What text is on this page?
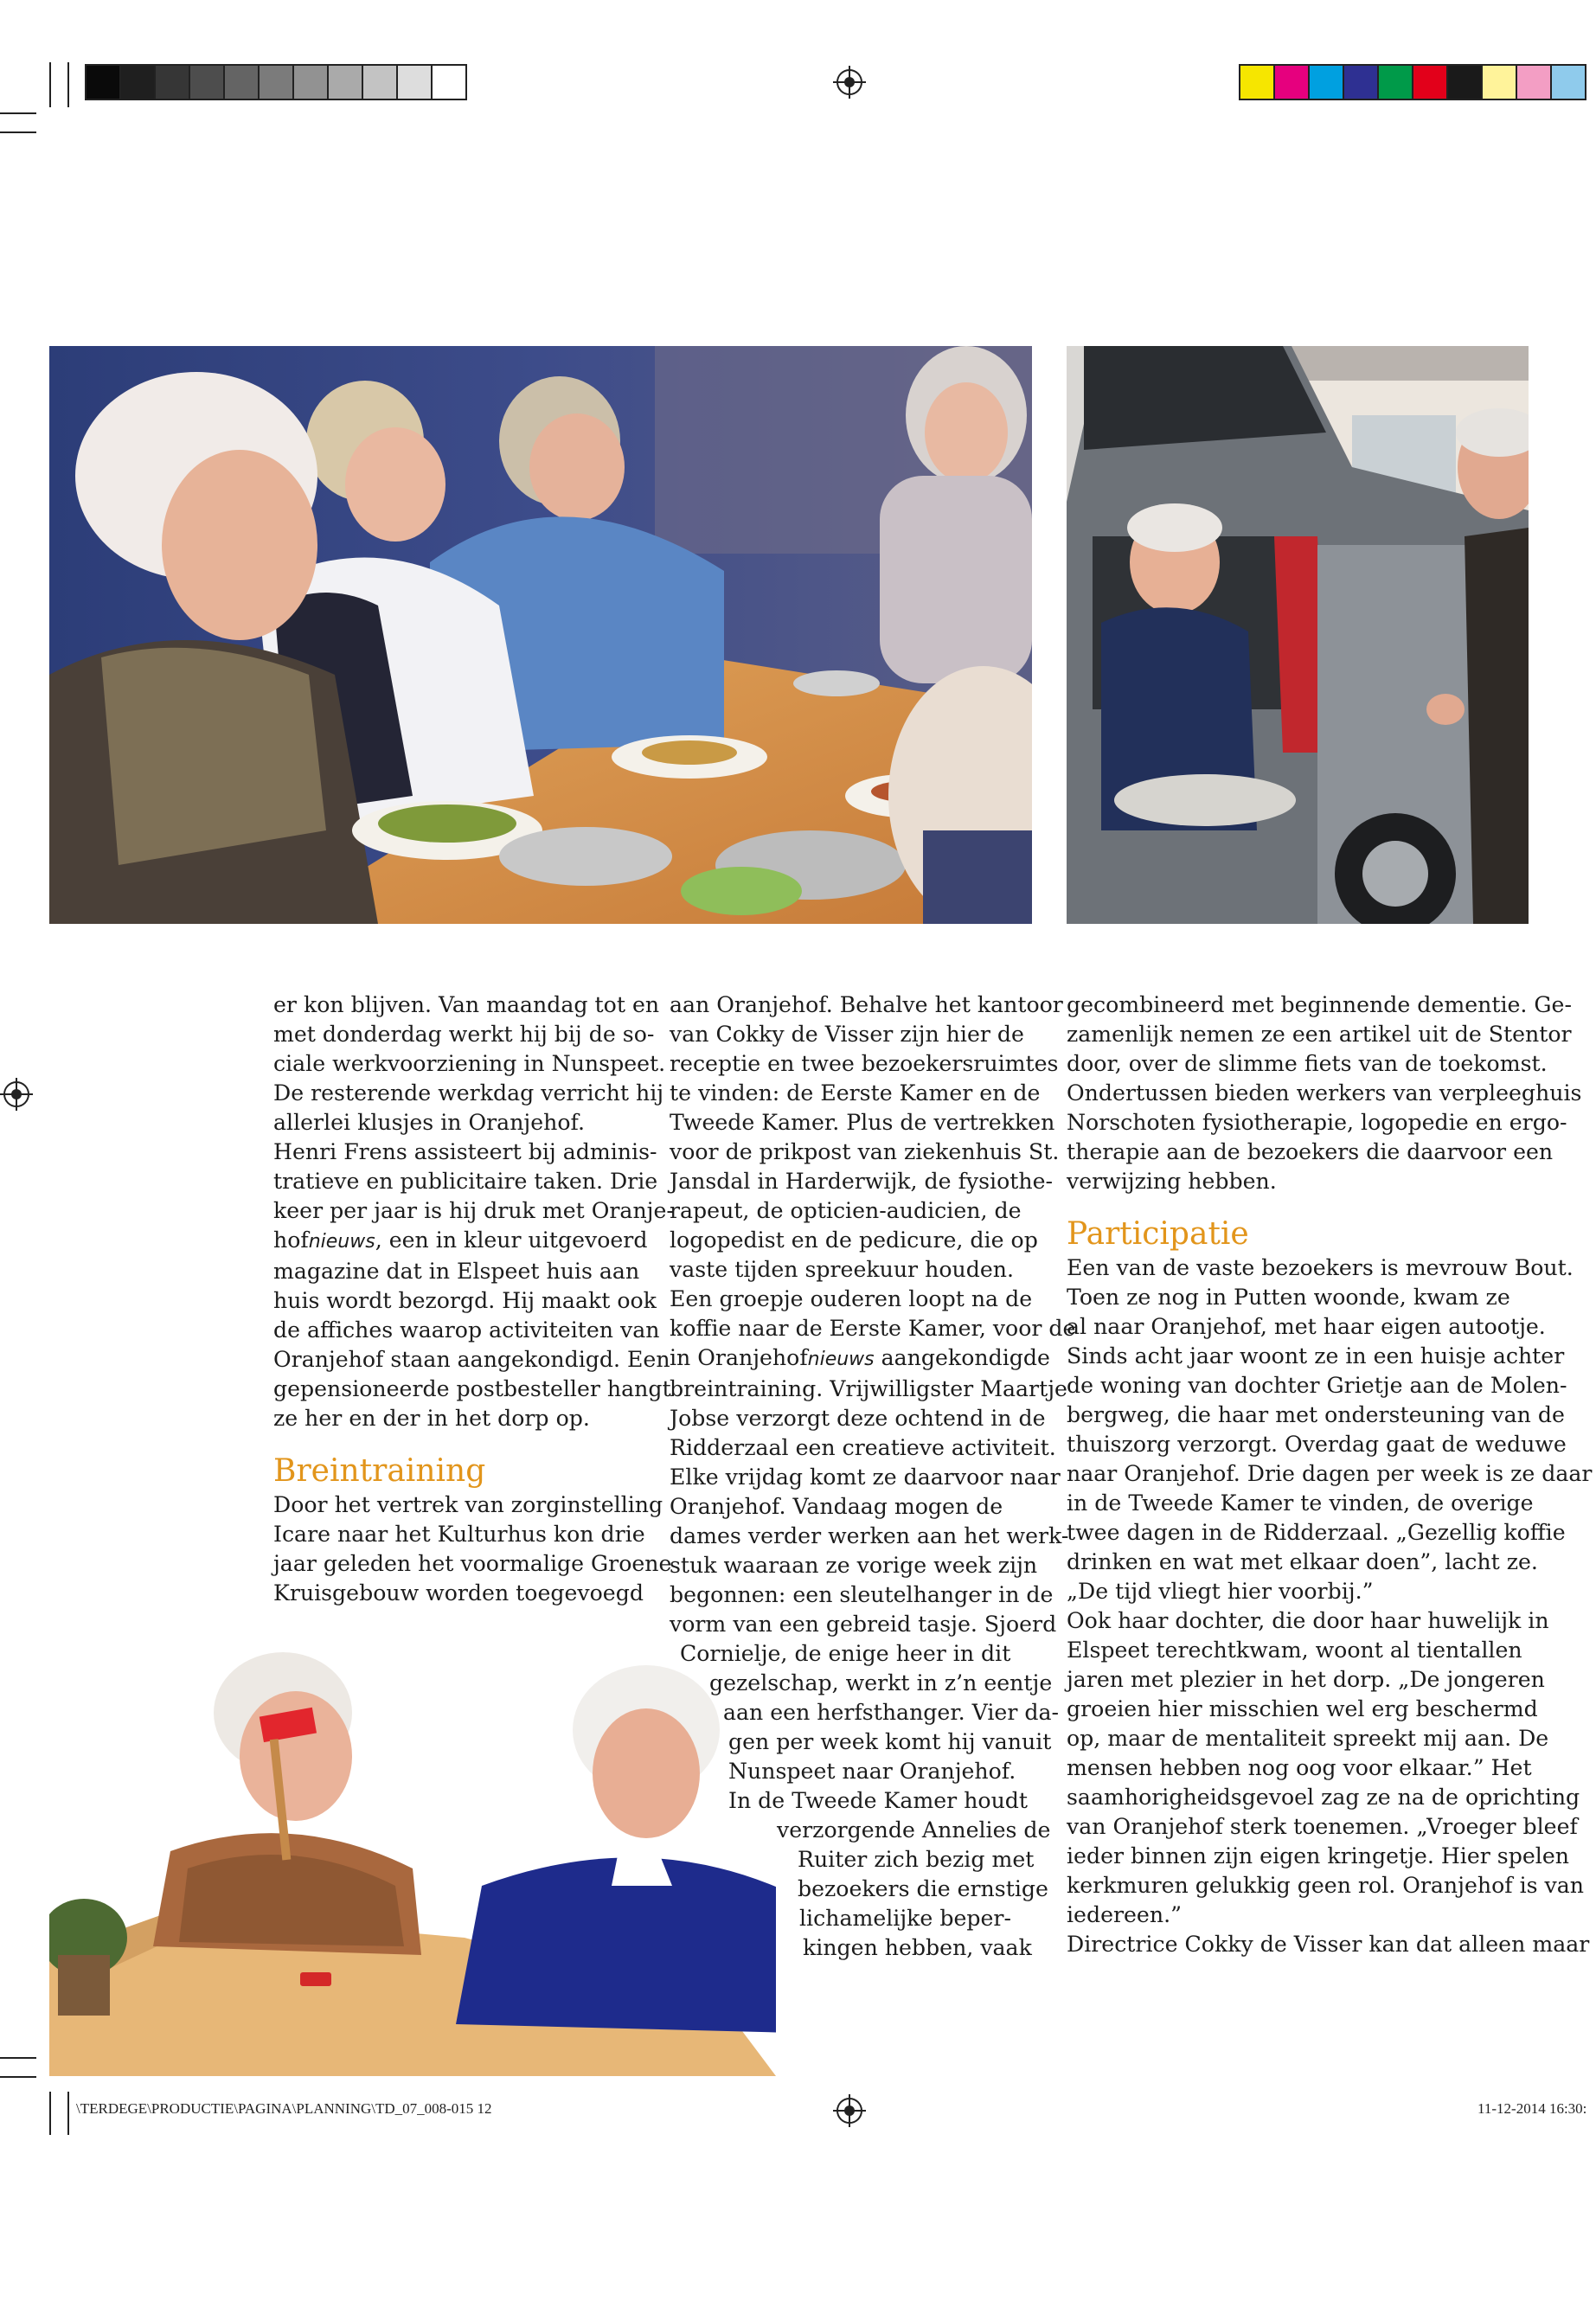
er kon blijven. Van maandag tot en

met donderdag werkt hij bij de so-

ciale werkvoorziening in Nunspeet.

De resterende werkdag verricht hij

allerlei klusjes in Oranjehof.

Henri Frens assisteert bij adminis-

tratieve en publicitaire taken. Drie

keer per jaar is hij druk met Oranje-

hofnieuws, een in kleur uitgevoerd

magazine dat in Elspeet huis aan

huis wordt bezorgd. Hij maakt ook

de affiches waarop activiteiten van

Oranjehof staan aangekondigd. Een

gepensioneerde postbesteller hangt

ze her en der in het dorp op.

Breintraining

Door het vertrek van zorginstelling

Icare naar het Kulturhus kon drie

jaar geleden het voormalige Groene

Kruisgebouw worden toegevoegd

aan Oranjehof. Behalve het kantoor

van Cokky de Visser zijn hier de

receptie en twee bezoekersruimtes

te vinden: de Eerste Kamer en de

Tweede Kamer. Plus de vertrekken

voor de prikpost van ziekenhuis St.

Jansdal in Harderwijk, de fysiothe-

rapeut, de opticien-audicien, de

logopedist en de pedicure, die op

vaste tijden spreekuur houden.

Een groepje ouderen loopt na de

koffie naar de Eerste Kamer, voor de

in Oranjehofnieuws aangekondigde

breintraining. Vrijwilligster Maartje

Jobse verzorgt deze ochtend in de

Ridderzaal een creatieve activiteit.

Elke vrijdag komt ze daarvoor naar

Oranjehof. Vandaag mogen de

dames verder werken aan het werk-

stuk waaraan ze vorige week zijn

begonnen: een sleutelhanger in de

vorm van een gebreid tasje. Sjoerd

Cornielje, de enige heer in dit

gezelschap, werkt in z’n eentje

aan een herfsthanger. Vier da-

gen per week komt hij vanuit

Nunspeet naar Oranjehof.

In de Tweede Kamer houdt

verzorgende Annelies de

Ruiter zich bezig met

bezoekers die ernstige

lichamelijke beper-

kingen hebben, vaak

gecombineerd met beginnende dementie. Ge-

zamenlijk nemen ze een artikel uit de Stentor

door, over de slimme fiets van de toekomst.

Ondertussen bieden werkers van verpleeghuis

Norschoten fysiotherapie, logopedie en ergo-

therapie aan de bezoekers die daarvoor een

verwijzing hebben.

Participatie

Een van de vaste bezoekers is mevrouw Bout.

Toen ze nog in Putten woonde, kwam ze

al naar Oranjehof, met haar eigen autootje.

Sinds acht jaar woont ze in een huisje achter

de woning van dochter Grietje aan de Molen-

bergweg, die haar met ondersteuning van de

thuiszorg verzorgt. Overdag gaat de weduwe

naar Oranjehof. Drie dagen per week is ze daar

in de Tweede Kamer te vinden, de overige

twee dagen in de Ridderzaal. „Gezellig koffie

drinken en wat met elkaar doen”, lacht ze.

„De tijd vliegt hier voorbij.”

Ook haar dochter, die door haar huwelijk in

Elspeet terechtkwam, woont al tientallen

jaren met plezier in het dorp. „De jongeren

groeien hier misschien wel erg beschermd

op, maar de mentaliteit spreekt mij aan. De

mensen hebben nog oog voor elkaar.” Het

saamhorigheidsgevoel zag ze na de oprichting

van Oranjehof sterk toenemen. „Vroeger bleef

ieder binnen zijn eigen kringetje. Hier spelen

kerkmuren gelukkig geen rol. Oranjehof is van

iedereen.”

Directrice Cokky de Visser kan dat alleen maar

\TERDEGE\PRODUCTIE\PAGINA\PLANNING\TD_07_008-015 12	11-12-2014 16:30:
